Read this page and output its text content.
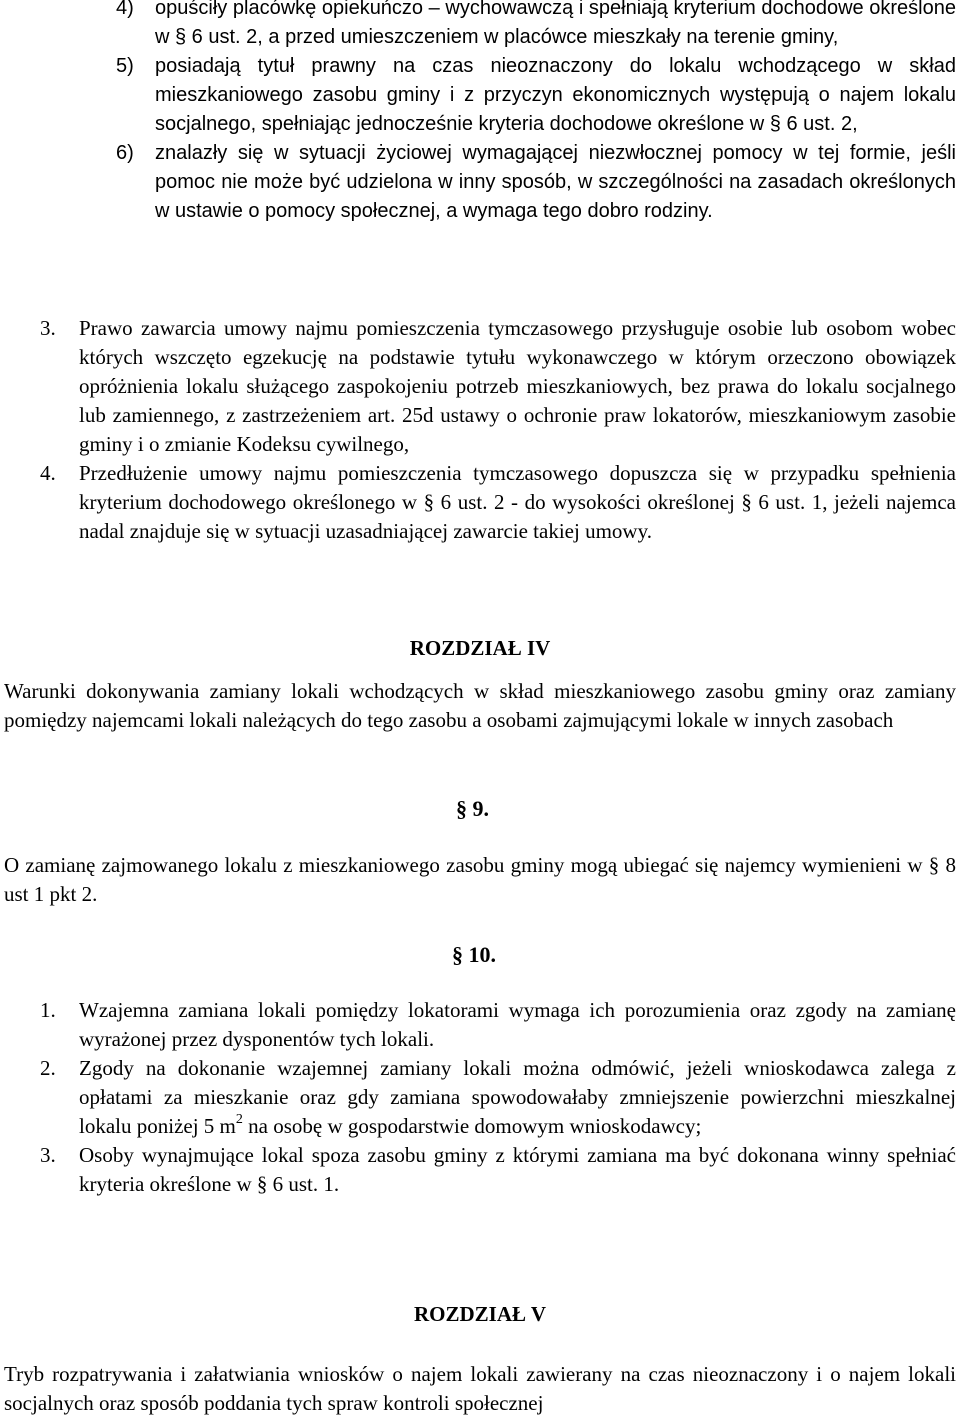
4) opuściły placówkę opiekuńczo – wychowawczą i spełniają kryterium dochodowe określone w § 6 ust. 2, a przed umieszczeniem w placówce mieszkały na terenie gminy,
5) posiadają tytuł prawny na czas nieoznaczony do lokalu wchodzącego w skład mieszkaniowego zasobu gminy i z przyczyn ekonomicznych występują o najem lokalu socjalnego, spełniając jednocześnie kryteria dochodowe określone w § 6 ust. 2,
6) znalazły się w sytuacji życiowej wymagającej niezwłocznej pomocy w tej formie, jeśli pomoc nie może być udzielona w inny sposób, w szczególności na zasadach określonych w ustawie o pomocy społecznej, a wymaga tego dobro rodziny.
3. Prawo zawarcia umowy najmu pomieszczenia tymczasowego przysługuje osobie lub osobom wobec których wszczęto egzekucję na podstawie tytułu wykonawczego w którym orzeczono obowiązek opróżnienia lokalu służącego zaspokojeniu potrzeb mieszkaniowych, bez prawa do lokalu socjalnego lub zamiennego, z zastrzeżeniem art. 25d ustawy o ochronie praw lokatorów, mieszkaniowym zasobie gminy i o zmianie Kodeksu cywilnego,
4. Przedłużenie umowy najmu pomieszczenia tymczasowego dopuszcza się w przypadku spełnienia kryterium dochodowego określonego w § 6 ust. 2 - do wysokości określonej § 6 ust. 1, jeżeli najemca nadal znajduje się w sytuacji uzasadniającej zawarcie takiej umowy.
ROZDZIAŁ IV
Warunki dokonywania zamiany lokali wchodzących w skład mieszkaniowego zasobu gminy oraz zamiany pomiędzy najemcami lokali należących do tego zasobu a osobami zajmującymi lokale w innych zasobach
§ 9.
O zamianę zajmowanego lokalu z mieszkaniowego zasobu gminy mogą ubiegać się najemcy wymienieni w § 8 ust 1 pkt 2.
§ 10.
1. Wzajemna zamiana lokali pomiędzy lokatorami wymaga ich porozumienia oraz zgody na zamianę wyrażonej przez dysponentów tych lokali.
2. Zgody na dokonanie wzajemnej zamiany lokali można odmówić, jeżeli wnioskodawca zalega z opłatami za mieszkanie oraz gdy zamiana spowodowałaby zmniejszenie powierzchni mieszkalnej lokalu poniżej 5 $m^2$ na osobę w gospodarstwie domowym wnioskodawcy;
3. Osoby wynajmujące lokal spoza zasobu gminy z którymi zamiana ma być dokonana winny spełniać kryteria określone w § 6 ust. 1.
ROZDZIAŁ V
Tryb rozpatrywania i załatwiania wniosków o najem lokali zawierany na czas nieoznaczony i o najem lokali socjalnych oraz sposób poddania tych spraw kontroli społecznej
